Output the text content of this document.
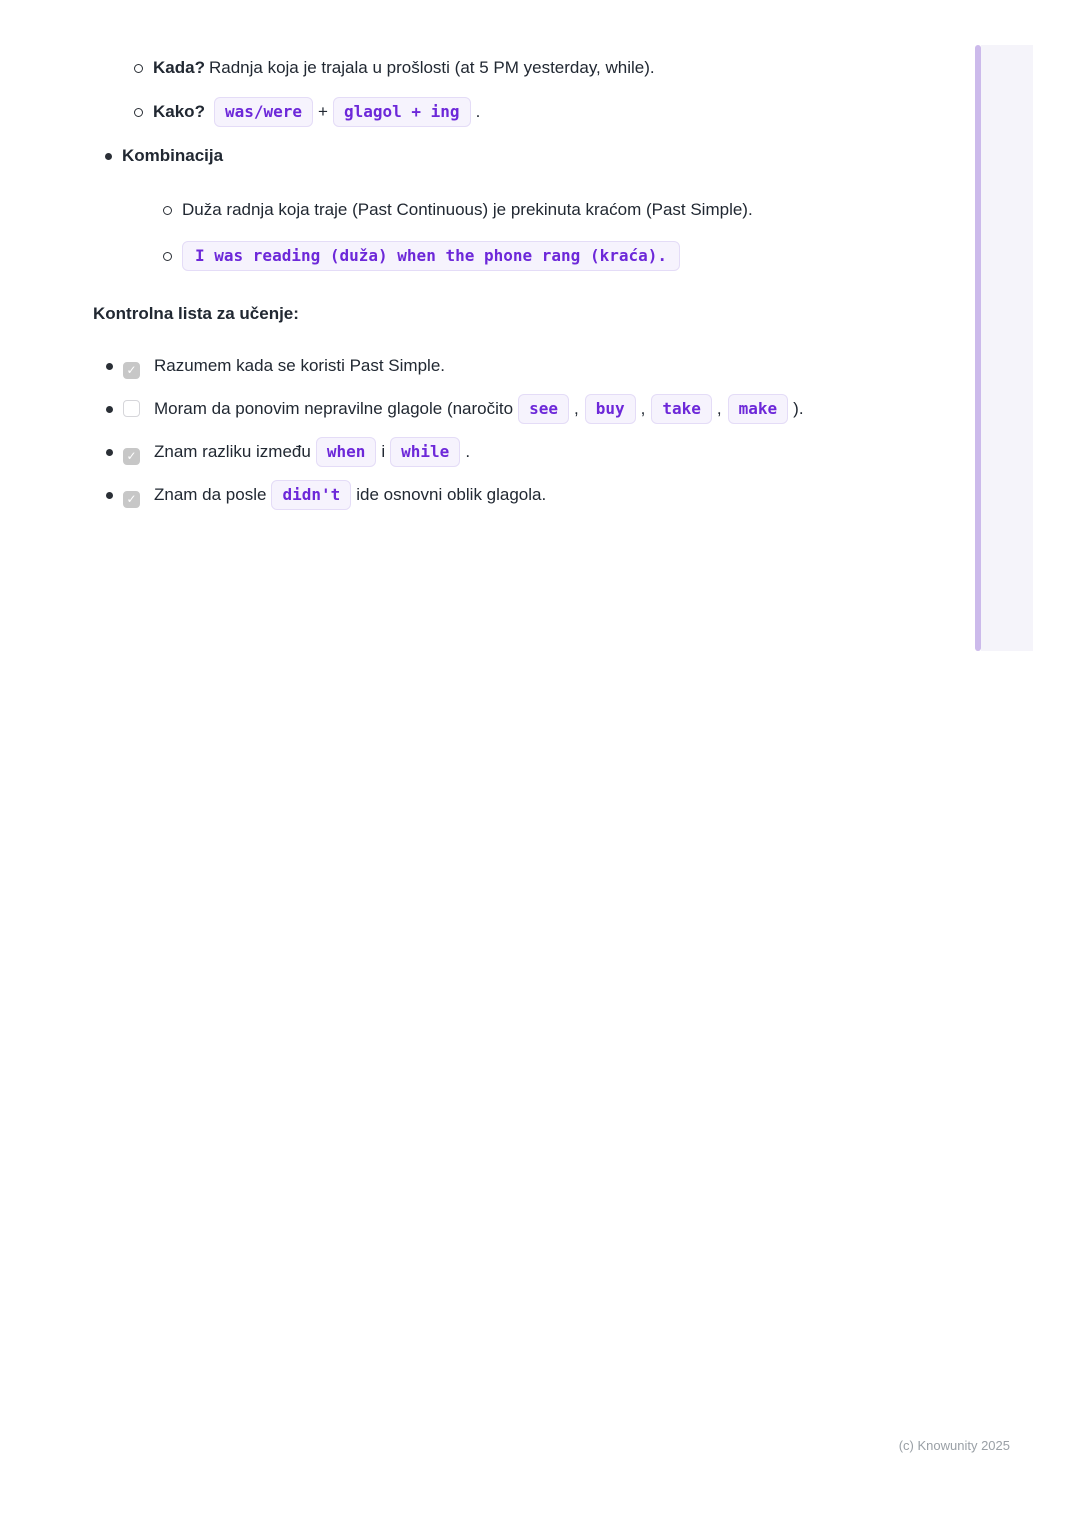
Kada? Radnja koja je trajala u prošlosti (at 5 PM yesterday, while).
Kako? was/were + glagol + ing .
Kombinacija
Duža radnja koja traje (Past Continuous) je prekinuta kraćom (Past Simple).
I was reading (duža) when the phone rang (kraća).

Kontrolna lista za učenje:

✓Razumem kada se koristi Past Simple.
Moram da ponovim nepravilne glagole (naročito see , buy , take , make ).
✓Znam razliku između when i while .
✓Znam da posle didn't ide osnovni oblik glagola.
(c) Knowunity 2025
